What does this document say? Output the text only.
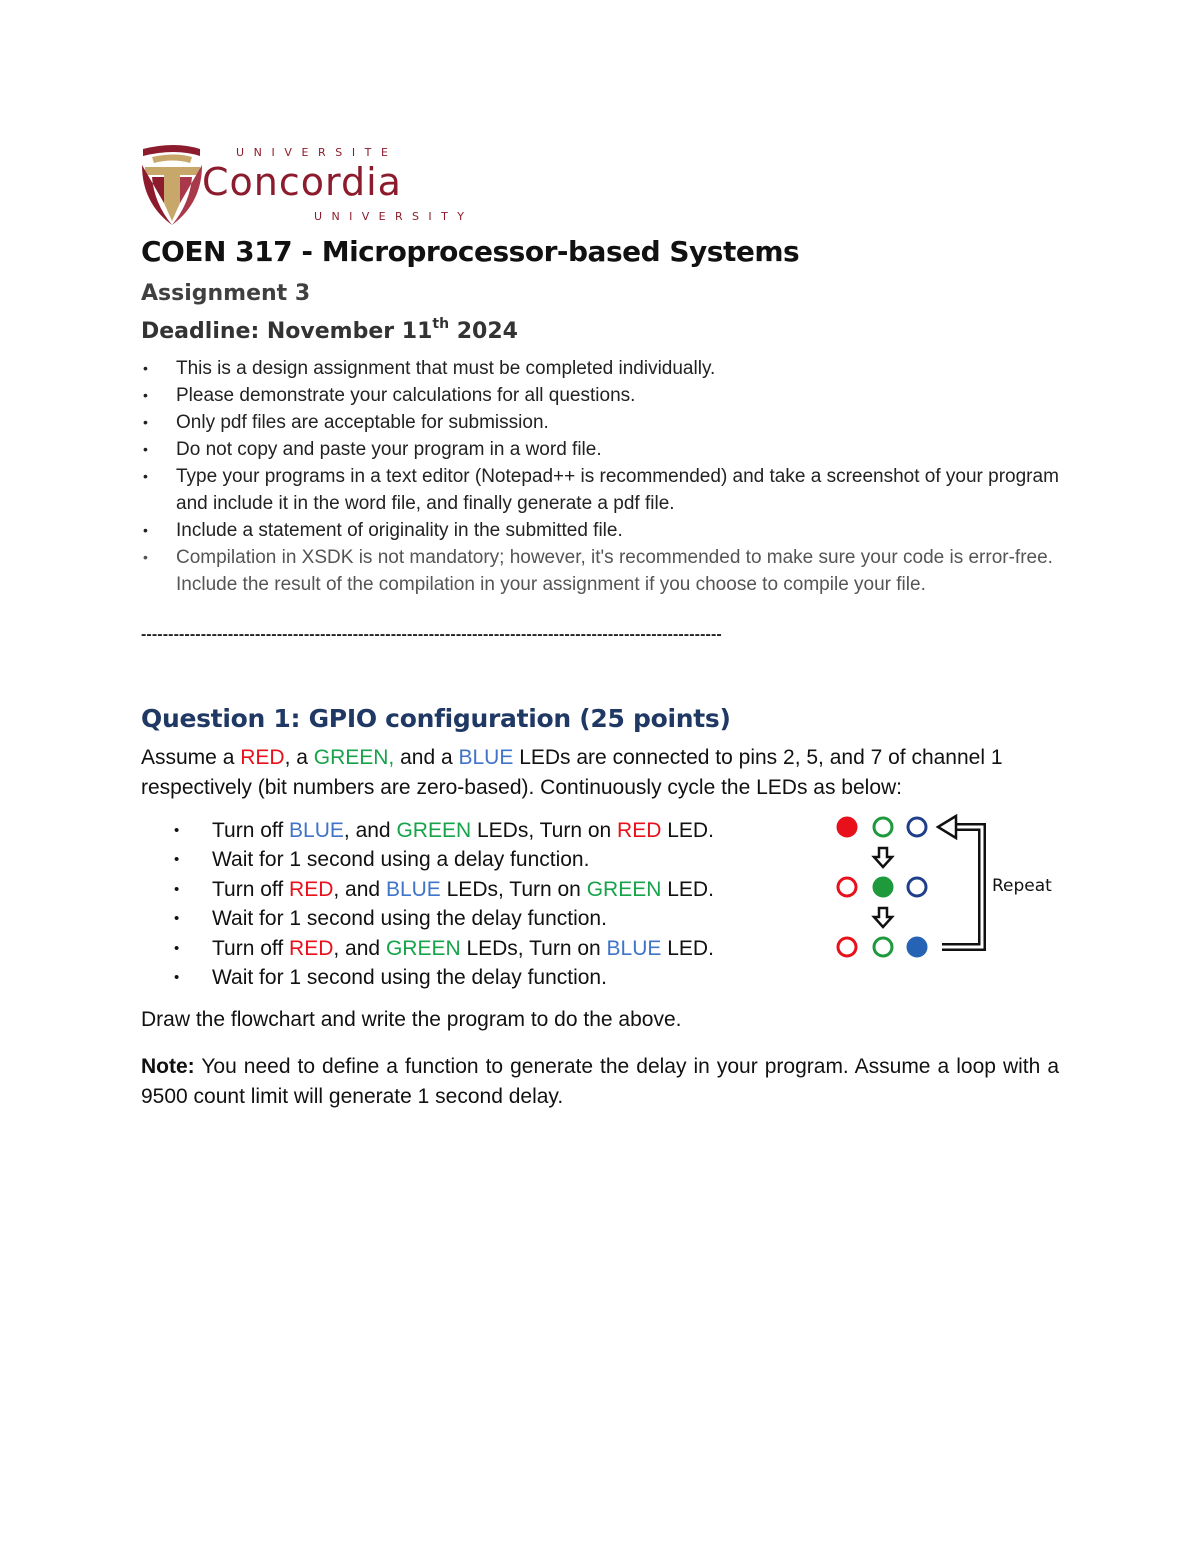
UNIVERSITE
Concordia
UNIVERSITY
COEN 317 - Microprocessor-based Systems
Assignment 3
Deadline: November 11th 2024
• This is a design assignment that must be completed individually.
• Please demonstrate your calculations for all questions.
• Only pdf files are acceptable for submission.
• Do not copy and paste your program in a word file.
• Type your programs in a text editor (Notepad++ is recommended) and take a screenshot of your program and include it in the word file, and finally generate a pdf file.
• Include a statement of originality in the submitted file.
• Compilation in XSDK is not mandatory; however, it's recommended to make sure your code is error-free. Include the result of the compilation in your assignment if you choose to compile your file.
-----------------------------------------------------------------------------------------------------------
Question 1: GPIO configuration (25 points)
Assume a RED, a GREEN, and a BLUE LEDs are connected to pins 2, 5, and 7 of channel 1 respectively (bit numbers are zero-based). Continuously cycle the LEDs as below:
• Turn off BLUE, and GREEN LEDs, Turn on RED LED.
• Wait for 1 second using a delay function.
• Turn off RED, and BLUE LEDs, Turn on GREEN LED.
• Wait for 1 second using the delay function.
• Turn off RED, and GREEN LEDs, Turn on BLUE LED.
• Wait for 1 second using the delay function.
Repeat
Draw the flowchart and write the program to do the above.
Note: You need to define a function to generate the delay in your program. Assume a loop with a 9500 count limit will generate 1 second delay.
